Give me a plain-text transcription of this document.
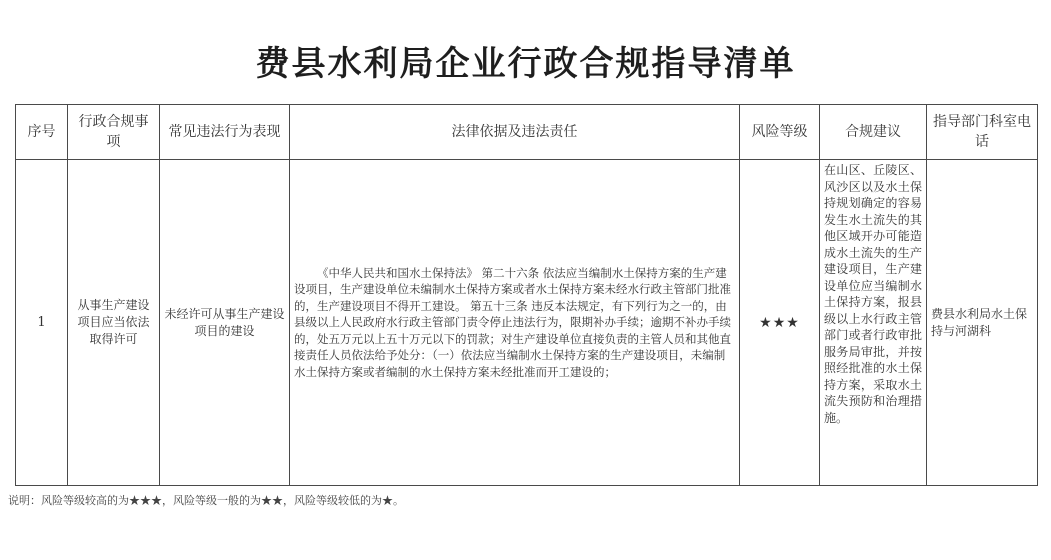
费县水利局企业行政合规指导清单
序号	行政合规事项	常见违法行为表现	法律依据及违法责任	风险等级	合规建议	指导部门科室电话
1	从事生产建设项目应当依法取得许可	未经许可从事生产建设项目的建设	《中华人民共和国水土保持法》 第二十六条 依法应当编制水土保持方案的生产建设项目，生产建设单位未编制水土保持方案或者水土保持方案未经水行政主管部门批准的，生产建设项目不得开工建设。 第五十三条 违反本法规定，有下列行为之一的，由县级以上人民政府水行政主管部门责令停止违法行为，限期补办手续；逾期不补办手续的，处五万元以上五十万元以下的罚款；对生产建设单位直接负责的主管人员和其他直接责任人员依法给予处分：（一）依法应当编制水土保持方案的生产建设项目，未编制水土保持方案或者编制的水土保持方案未经批准而开工建设的；	★★★	在山区、丘陵区、风沙区以及水土保持规划确定的容易发生水土流失的其他区域开办可能造成水土流失的生产建设项目，生产建设单位应当编制水土保持方案，报县级以上水行政主管部门或者行政审批服务局审批，并按照经批准的水土保持方案，采取水土流失预防和治理措施。	费县水利局水土保持与河湖科
说明：风险等级较高的为★★★，风险等级一般的为★★，风险等级较低的为★。
